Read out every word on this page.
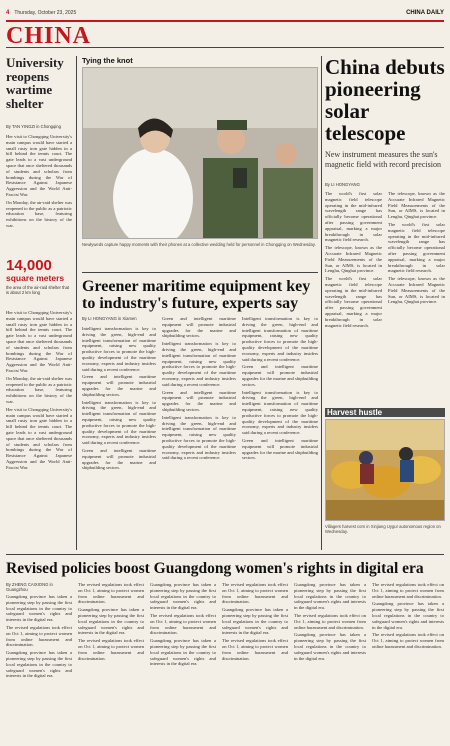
4 Thursday, October 23, 2025	CHINA DAILY
CHINA
University reopens wartime shelter
By TAN YINGZI in Chongqing

Her visit to Chongqing University's main campus would have started a small rusty iron gate hidden in a hill behind the tennis court. The gate leads to a vast underground space that once sheltered thousands of students and scholars from bombings during the War of Resistance Against Japanese Aggression and the World Anti-Fascist War.

On Monday, the air-raid shelter was reopened to the public as a patriotic education base, featuring exhibitions on the history of the war.

14,000
square meters
the area of the air-raid shelter that is about 2 km long

Her visit to Chongqing University's main campus would have started a small rusty iron gate hidden in a hill behind the tennis court. The gate leads to a vast underground space that once sheltered thousands of students and scholars from bombings during the War of Resistance Against Japanese Aggression and the World Anti-Fascist War.

On Monday, the air-raid shelter was reopened to the public as a patriotic education base, featuring exhibitions on the history of the war.

Her visit to Chongqing University's main campus would have started a small rusty iron gate hidden in a hill behind the tennis court. The gate leads to a vast underground space that once sheltered thousands of students and scholars from bombings during the War of Resistance Against Japanese Aggression and the World Anti-Fascist War.

Tying the knot
Newlyweds capture happy moments with their phones at a collective wedding held for personnel in Chongqing on Wednesday.
Greener maritime equipment key to industry's future, experts say
By LI HONGYANG in Xiamen

Intelligent transformation is key to driving the green, high-end and intelligent transformation of maritime equipment, raising new quality productive forces to promote the high-quality development of the maritime economy, experts and industry insiders said during a recent conference.

Green and intelligent maritime equipment will promote industrial upgrades for the marine and shipbuilding sectors.

Intelligent transformation is key to driving the green, high-end and intelligent transformation of maritime equipment, raising new quality productive forces to promote the high-quality development of the maritime economy, experts and industry insiders said during a recent conference.

Green and intelligent maritime equipment will promote industrial upgrades for the marine and shipbuilding sectors.

Green and intelligent maritime equipment will promote industrial upgrades for the marine and shipbuilding sectors.

Intelligent transformation is key to driving the green, high-end and intelligent transformation of maritime equipment, raising new quality productive forces to promote the high-quality development of the maritime economy, experts and industry insiders said during a recent conference.

Green and intelligent maritime equipment will promote industrial upgrades for the marine and shipbuilding sectors.

Intelligent transformation is key to driving the green, high-end and intelligent transformation of maritime equipment, raising new quality productive forces to promote the high-quality development of the maritime economy, experts and industry insiders said during a recent conference.

Intelligent transformation is key to driving the green, high-end and intelligent transformation of maritime equipment, raising new quality productive forces to promote the high-quality development of the maritime economy, experts and industry insiders said during a recent conference.

Green and intelligent maritime equipment will promote industrial upgrades for the marine and shipbuilding sectors.

Intelligent transformation is key to driving the green, high-end and intelligent transformation of maritime equipment, raising new quality productive forces to promote the high-quality development of the maritime economy, experts and industry insiders said during a recent conference.

Green and intelligent maritime equipment will promote industrial upgrades for the marine and shipbuilding sectors.

China debuts pioneering solar telescope
New instrument measures the sun's magnetic field with record precision
By LI HONGYANG

The world's first solar magnetic field telescope operating in the mid-infrared wavelength range has officially become operational after passing government appraisal, marking a major breakthrough in solar magnetic field research.

The telescope, known as the Accurate Infrared Magnetic Field Measurements of the Sun, or AIMS, is located in Lenghu, Qinghai province.

The world's first solar magnetic field telescope operating in the mid-infrared wavelength range has officially become operational after passing government appraisal, marking a major breakthrough in solar magnetic field research.

The telescope, known as the Accurate Infrared Magnetic Field Measurements of the Sun, or AIMS, is located in Lenghu, Qinghai province.

The world's first solar magnetic field telescope operating in the mid-infrared wavelength range has officially become operational after passing government appraisal, marking a major breakthrough in solar magnetic field research.

The telescope, known as the Accurate Infrared Magnetic Field Measurements of the Sun, or AIMS, is located in Lenghu, Qinghai province.

Harvest hustle
Villagers harvest corn in Xinjiang Uygur autonomous region on Wednesday.
Revised policies boost Guangdong women's rights in digital era
By ZHENG CAIXIONG in Guangzhou

Guangdong province has taken a pioneering step by passing the first local regulations in the country to safeguard women's rights and interests in the digital era.

The revised regulations took effect on Oct 1, aiming to protect women from online harassment and discrimination.

Guangdong province has taken a pioneering step by passing the first local regulations in the country to safeguard women's rights and interests in the digital era.

The revised regulations took effect on Oct 1, aiming to protect women from online harassment and discrimination.

Guangdong province has taken a pioneering step by passing the first local regulations in the country to safeguard women's rights and interests in the digital era.

The revised regulations took effect on Oct 1, aiming to protect women from online harassment and discrimination.

Guangdong province has taken a pioneering step by passing the first local regulations in the country to safeguard women's rights and interests in the digital era.

The revised regulations took effect on Oct 1, aiming to protect women from online harassment and discrimination.

Guangdong province has taken a pioneering step by passing the first local regulations in the country to safeguard women's rights and interests in the digital era.

The revised regulations took effect on Oct 1, aiming to protect women from online harassment and discrimination.

Guangdong province has taken a pioneering step by passing the first local regulations in the country to safeguard women's rights and interests in the digital era.

The revised regulations took effect on Oct 1, aiming to protect women from online harassment and discrimination.

Guangdong province has taken a pioneering step by passing the first local regulations in the country to safeguard women's rights and interests in the digital era.

The revised regulations took effect on Oct 1, aiming to protect women from online harassment and discrimination.

Guangdong province has taken a pioneering step by passing the first local regulations in the country to safeguard women's rights and interests in the digital era.

The revised regulations took effect on Oct 1, aiming to protect women from online harassment and discrimination.

Guangdong province has taken a pioneering step by passing the first local regulations in the country to safeguard women's rights and interests in the digital era.

The revised regulations took effect on Oct 1, aiming to protect women from online harassment and discrimination.
